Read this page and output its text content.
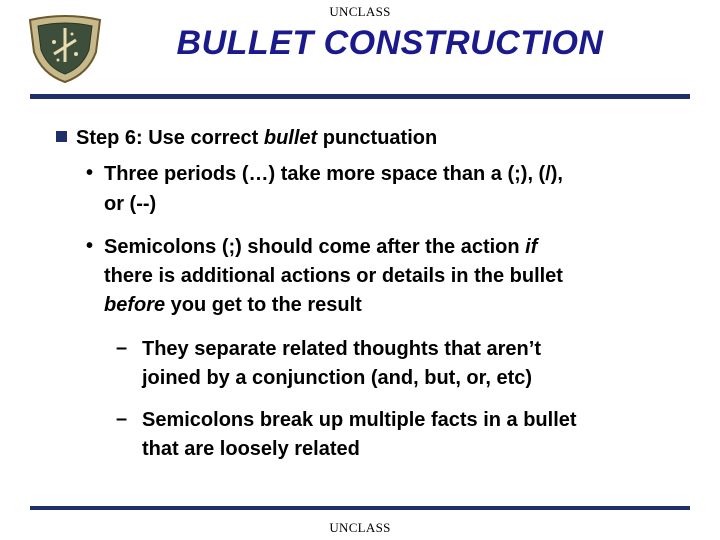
UNCLASS
BULLET CONSTRUCTION
Step 6: Use correct bullet punctuation
• Three periods (…) take more space than a (;), (/),
or (--)
• Semicolons (;) should come after the action if
there is additional actions or details in the bullet
before you get to the result
– They separate related thoughts that aren’t
joined by a conjunction (and, but, or, etc)
– Semicolons break up multiple facts in a bullet
that are loosely related
UNCLASS
